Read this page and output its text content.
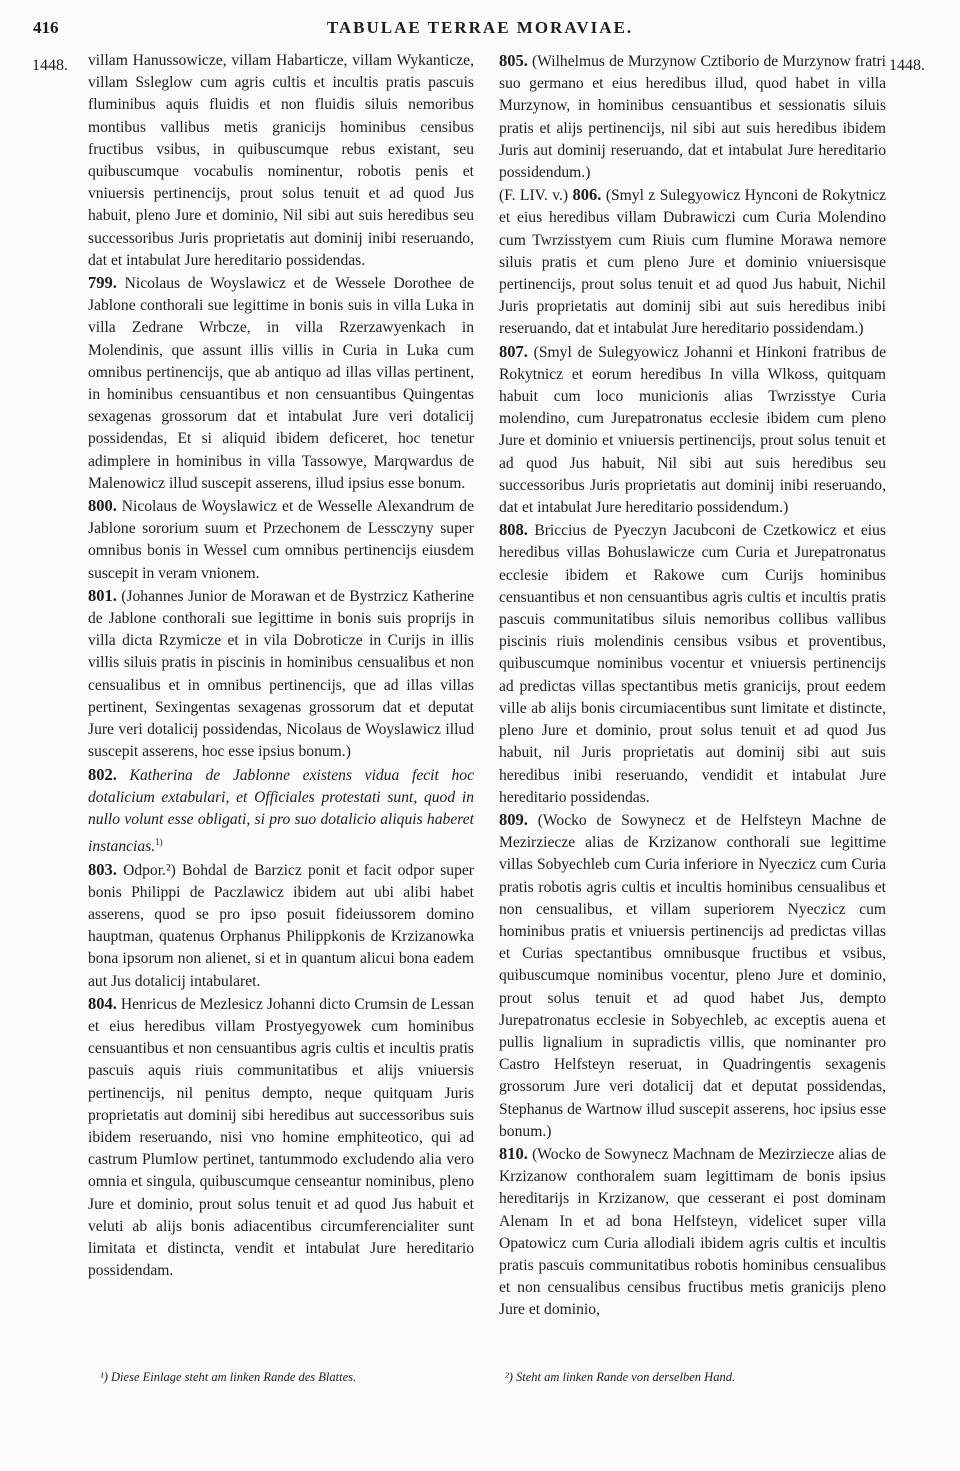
416	TABULAE TERRAE MORAVIAE.
1448.	1448.

villam Hanussowicze, villam Habarticze, villam Wykanticze, villam Ssleglow cum agris cultis et incultis pratis pascuis fluminibus aquis fluidis et non fluidis siluis nemoribus montibus vallibus metis granicijs hominibus censibus fructibus vsibus, in quibuscumque rebus existant, seu quibuscumque vocabulis nominentur, robotis penis et vniuersis pertinencijs, prout solus tenuit et ad quod Jus habuit, pleno Jure et dominio, Nil sibi aut suis heredibus seu successoribus Juris proprietatis aut dominij inibi reseruando, dat et intabulat Jure hereditario possidendas.

799. Nicolaus de Woyslawicz et de Wessele Dorothee de Jablone conthorali sue legittime in bonis suis in villa Luka in villa Zedrane Wrbcze, in villa Rzerzawyenkach in Molendinis, que assunt illis villis in Curia in Luka cum omnibus pertinencijs, que ab antiquo ad illas villas pertinent, in hominibus censuantibus et non censuantibus Quingentas sexagenas grossorum dat et intabulat Jure veri dotalicij possidendas, Et si aliquid ibidem deficeret, hoc tenetur adimplere in hominibus in villa Tassowye, Marqwardus de Malenowicz illud suscepit asserens, illud ipsius esse bonum.

800. Nicolaus de Woyslawicz et de Wesselle Alexandrum de Jablone sororium suum et Przechonem de Lessczyny super omnibus bonis in Wessel cum omnibus pertinencijs eiusdem suscepit in veram vnionem.

801. (Johannes Junior de Morawan et de Bystrzicz Katherine de Jablone conthorali sue legittime in bonis suis proprijs in villa dicta Rzymicze et in vila Dobroticze in Curijs in illis villis siluis pratis in piscinis in hominibus censualibus et non censualibus et in omnibus pertinencijs, que ad illas villas pertinent, Sexingentas sexagenas grossorum dat et deputat Jure veri dotalicij possidendas, Nicolaus de Woyslawicz illud suscepit asserens, hoc esse ipsius bonum.)

802. Katherina de Jablonne existens vidua fecit hoc dotalicium extabulari, et Officiales protestati sunt, quod in nullo volunt esse obligati, si pro suo dotalicio aliquis haberet instancias.$^{1)}$

803. Odpor.²) Bohdal de Barzicz ponit et facit odpor super bonis Philippi de Paczlawicz ibidem aut ubi alibi habet asserens, quod se pro ipso posuit fideiussorem domino hauptman, quatenus Orphanus Philippkonis de Krzizanowka bona ipsorum non alienet, si et in quantum alicui bona eadem aut Jus dotalicij intabularet.

804. Henricus de Mezlesicz Johanni dicto Crumsin de Lessan et eius heredibus villam Prostyegyowek cum hominibus censuantibus et non censuantibus agris cultis et incultis pratis pascuis aquis riuis communitatibus et alijs vniuersis pertinencijs, nil penitus dempto, neque quitquam Juris proprietatis aut dominij sibi heredibus aut successoribus suis ibidem reseruando, nisi vno homine emphiteotico, qui ad castrum Plumlow pertinet, tantummodo excludendo alia vero omnia et singula, quibuscumque censeantur nominibus, pleno Jure et dominio, prout solus tenuit et ad quod Jus habuit et veluti ab alijs bonis adiacentibus circumferencialiter sunt limitata et distincta, vendit et intabulat Jure hereditario possidendam.

805. (Wilhelmus de Murzynow Cztiborio de Murzynow fratri suo germano et eius heredibus illud, quod habet in villa Murzynow, in hominibus censuantibus et sessionatis siluis pratis et alijs pertinencijs, nil sibi aut suis heredibus ibidem Juris aut dominij reseruando, dat et intabulat Jure hereditario possidendum.)

(F. LIV. v.) 806. (Smyl z Sulegyowicz Hynconi de Rokytnicz et eius heredibus villam Dubrawiczi cum Curia Molendino cum Twrzisstyem cum Riuis cum flumine Morawa nemore siluis pratis et cum pleno Jure et dominio vniuersisque pertinencijs, prout solus tenuit et ad quod Jus habuit, Nichil Juris proprietatis aut dominij sibi aut suis heredibus inibi reseruando, dat et intabulat Jure hereditario possidendam.)

807. (Smyl de Sulegyowicz Johanni et Hinkoni fratribus de Rokytnicz et eorum heredibus In villa Wlkoss, quitquam habuit cum loco municionis alias Twrzisstye Curia molendino, cum Jurepatronatus ecclesie ibidem cum pleno Jure et dominio et vniuersis pertinencijs, prout solus tenuit et ad quod Jus habuit, Nil sibi aut suis heredibus seu successoribus Juris proprietatis aut dominij inibi reseruando, dat et intabulat Jure hereditario possidendum.)

808. Briccius de Pyeczyn Jacubconi de Czetkowicz et eius heredibus villas Bohuslawicze cum Curia et Jurepatronatus ecclesie ibidem et Rakowe cum Curijs hominibus censuantibus et non censuantibus agris cultis et incultis pratis pascuis communitatibus siluis nemoribus collibus vallibus piscinis riuis molendinis censibus vsibus et proventibus, quibuscumque nominibus vocentur et vniuersis pertinencijs ad predictas villas spectantibus metis granicijs, prout eedem ville ab alijs bonis circumiacentibus sunt limitate et distincte, pleno Jure et dominio, prout solus tenuit et ad quod Jus habuit, nil Juris proprietatis aut dominij sibi aut suis heredibus inibi reseruando, vendidit et intabulat Jure hereditario possidendas.

809. (Wocko de Sowynecz et de Helfsteyn Machne de Mezirziecze alias de Krzizanow conthorali sue legittime villas Sobyechleb cum Curia inferiore in Nyeczicz cum Curia pratis robotis agris cultis et incultis hominibus censualibus et non censualibus, et villam superiorem Nyeczicz cum hominibus pratis et vniuersis pertinencijs ad predictas villas et Curias spectantibus omnibusque fructibus et vsibus, quibuscumque nominibus vocentur, pleno Jure et dominio, prout solus tenuit et ad quod habet Jus, dempto Jurepatronatus ecclesie in Sobyechleb, ac exceptis auena et pullis lignalium in supradictis villis, que nominanter pro Castro Helfsteyn reseruat, in Quadringentis sexagenis grossorum Jure veri dotalicij dat et deputat possidendas, Stephanus de Wartnow illud suscepit asserens, hoc ipsius esse bonum.)

810. (Wocko de Sowynecz Machnam de Mezirziecze alias de Krzizanow conthoralem suam legittimam de bonis ipsius hereditarijs in Krzizanow, que cesserant ei post dominam Alenam In et ad bona Helfsteyn, videlicet super villa Opatowicz cum Curia allodiali ibidem agris cultis et incultis pratis pascuis communitatibus robotis hominibus censualibus et non censualibus censibus fructibus metis granicijs pleno Jure et dominio,

¹) Diese Einlage steht am linken Rande des Blattes.	²) Steht am linken Rande von derselben Hand.
